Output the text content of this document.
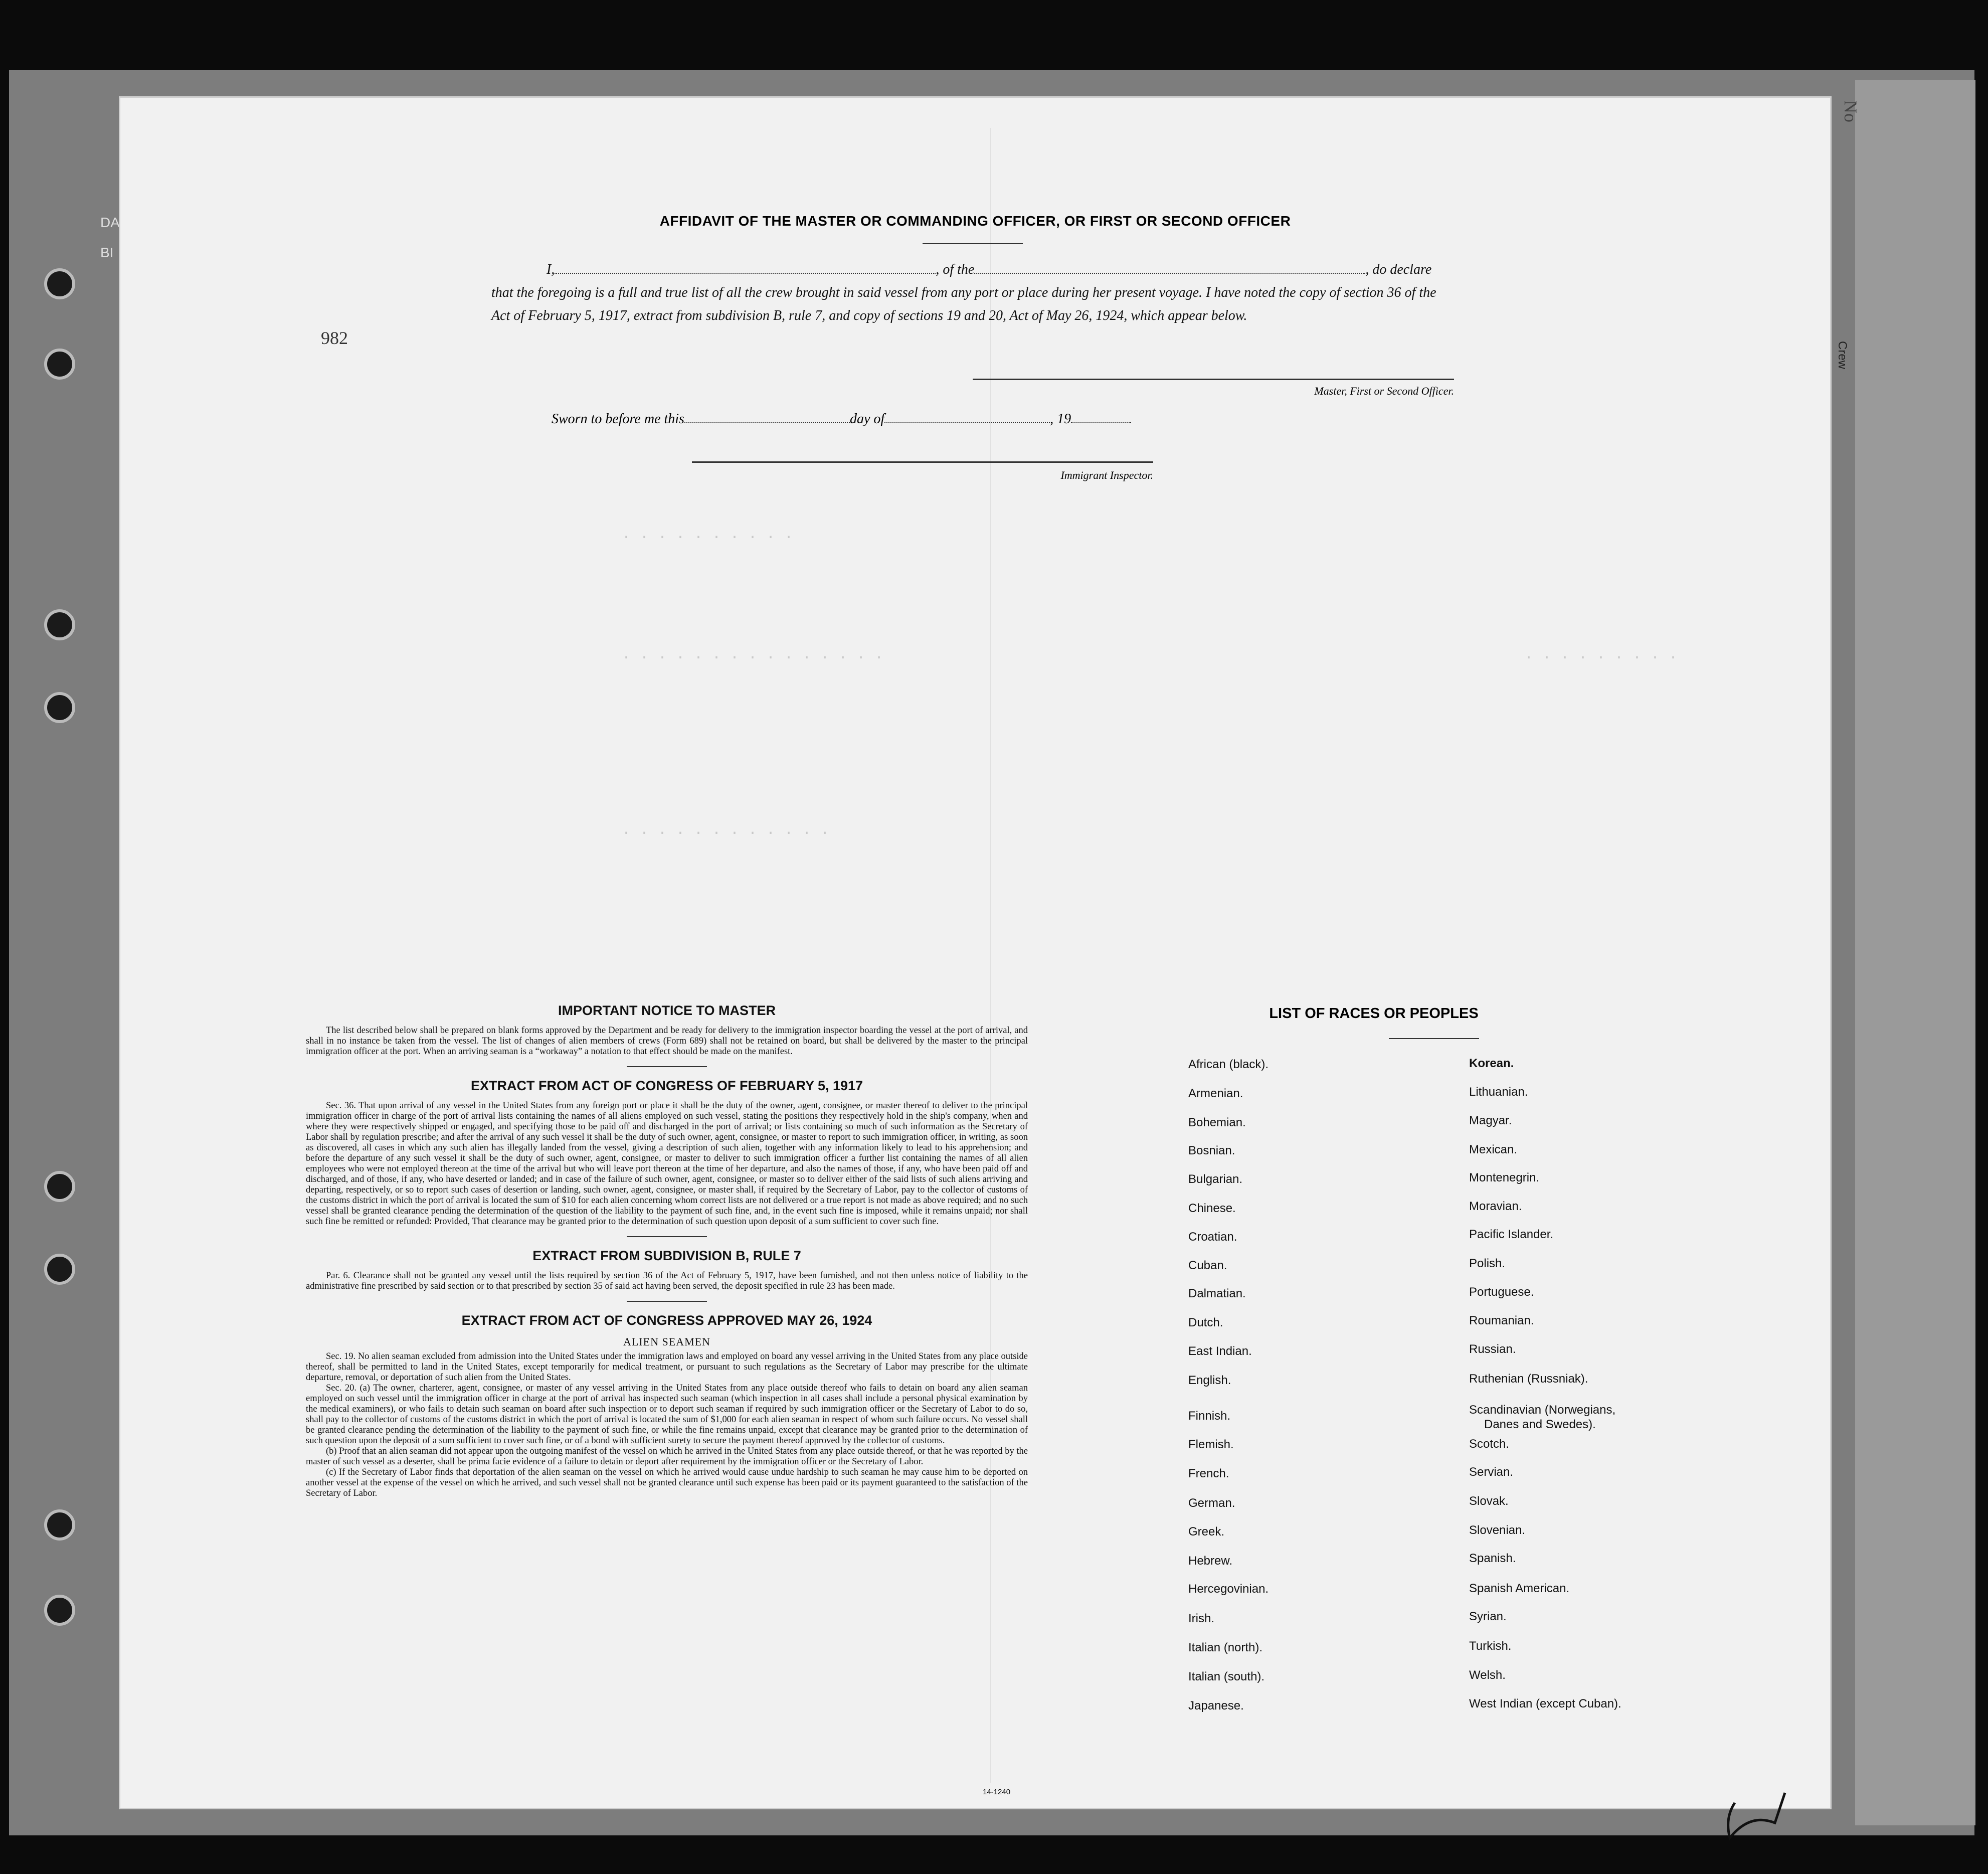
DA
BI
No
Crew
982
· · · · · · · · · ·
· · · · · · · · · · · · · · ·	· · · · · · · · ·
· · · · · · · · · · · ·
AFFIDAVIT OF THE MASTER OR COMMANDING OFFICER, OR FIRST OR SECOND OFFICER
I,	, of the	, do declare
that the foregoing is a full and true list of all the crew brought in said vessel from any port or place during her present voyage. I have noted the copy of section 36 of the Act of February 5, 1917, extract from subdivision B, rule 7, and copy of sections 19 and 20, Act of May 26, 1924, which appear below.
Master, First or Second Officer.
Sworn to before me this	day of	, 19
Immigrant Inspector.
IMPORTANT NOTICE TO MASTER

The list described below shall be prepared on blank forms approved by the Department and be ready for delivery to the immigration inspector boarding the vessel at the port of arrival, and shall in no instance be taken from the vessel. The list of changes of alien members of crews (Form 689) shall not be retained on board, but shall be delivered by the master to the principal immigration officer at the port. When an arriving seaman is a “workaway” a notation to that effect should be made on the manifest.

EXTRACT FROM ACT OF CONGRESS OF FEBRUARY 5, 1917

Sec. 36. That upon arrival of any vessel in the United States from any foreign port or place it shall be the duty of the owner, agent, consignee, or master thereof to deliver to the principal immigration officer in charge of the port of arrival lists containing the names of all aliens employed on such vessel, stating the positions they respectively hold in the ship's company, when and where they were respectively shipped or engaged, and specifying those to be paid off and discharged in the port of arrival; or lists containing so much of such information as the Secretary of Labor shall by regulation prescribe; and after the arrival of any such vessel it shall be the duty of such owner, agent, consignee, or master to report to such immigration officer, in writing, as soon as discovered, all cases in which any such alien has illegally landed from the vessel, giving a description of such alien, together with any information likely to lead to his apprehension; and before the departure of any such vessel it shall be the duty of such owner, agent, consignee, or master to deliver to such immigration officer a further list containing the names of all alien employees who were not employed thereon at the time of the arrival but who will leave port thereon at the time of her departure, and also the names of those, if any, who have been paid off and discharged, and of those, if any, who have deserted or landed; and in case of the failure of such owner, agent, consignee, or master so to deliver either of the said lists of such aliens arriving and departing, respectively, or so to report such cases of desertion or landing, such owner, agent, consignee, or master shall, if required by the Secretary of Labor, pay to the collector of customs of the customs district in which the port of arrival is located the sum of $10 for each alien concerning whom correct lists are not delivered or a true report is not made as above required; and no such vessel shall be granted clearance pending the determination of the question of the liability to the payment of such fine, and, in the event such fine is imposed, while it remains unpaid; nor shall such fine be remitted or refunded: Provided, That clearance may be granted prior to the determination of such question upon deposit of a sum sufficient to cover such fine.

EXTRACT FROM SUBDIVISION B, RULE 7

Par. 6. Clearance shall not be granted any vessel until the lists required by section 36 of the Act of February 5, 1917, have been furnished, and not then unless notice of liability to the administrative fine prescribed by said section or to that prescribed by section 35 of said act having been served, the deposit specified in rule 23 has been made.

EXTRACT FROM ACT OF CONGRESS APPROVED MAY 26, 1924
ALIEN SEAMEN

Sec. 19. No alien seaman excluded from admission into the United States under the immigration laws and employed on board any vessel arriving in the United States from any place outside thereof, shall be permitted to land in the United States, except temporarily for medical treatment, or pursuant to such regulations as the Secretary of Labor may prescribe for the ultimate departure, removal, or deportation of such alien from the United States.

Sec. 20. (a) The owner, charterer, agent, consignee, or master of any vessel arriving in the United States from any place outside thereof who fails to detain on board any alien seaman employed on such vessel until the immigration officer in charge at the port of arrival has inspected such seaman (which inspection in all cases shall include a personal physical examination by the medical examiners), or who fails to detain such seaman on board after such inspection or to deport such seaman if required by such immigration officer or the Secretary of Labor to do so, shall pay to the collector of customs of the customs district in which the port of arrival is located the sum of $1,000 for each alien seaman in respect of whom such failure occurs. No vessel shall be granted clearance pending the determination of the liability to the payment of such fine, or while the fine remains unpaid, except that clearance may be granted prior to the determination of such question upon the deposit of a sum sufficient to cover such fine, or of a bond with sufficient surety to secure the payment thereof approved by the collector of customs.

(b) Proof that an alien seaman did not appear upon the outgoing manifest of the vessel on which he arrived in the United States from any place outside thereof, or that he was reported by the master of such vessel as a deserter, shall be prima facie evidence of a failure to detain or deport after requirement by the immigration officer or the Secretary of Labor.

(c) If the Secretary of Labor finds that deportation of the alien seaman on the vessel on which he arrived would cause undue hardship to such seaman he may cause him to be deported on another vessel at the expense of the vessel on which he arrived, and such vessel shall not be granted clearance until such expense has been paid or its payment guaranteed to the satisfaction of the Secretary of Labor.

14-1240
LIST OF RACES OR PEOPLES
African (black).
Armenian.
Bohemian.
Bosnian.
Bulgarian.
Chinese.
Croatian.
Cuban.
Dalmatian.
Dutch.
East Indian.
English.
Finnish.
Flemish.
French.
German.
Greek.
Hebrew.
Hercegovinian.
Irish.
Italian (north).
Italian (south).
Japanese.
Korean.
Lithuanian.
Magyar.
Mexican.
Montenegrin.
Moravian.
Pacific Islander.
Polish.
Portuguese.
Roumanian.
Russian.
Ruthenian (Russniak).
Scandinavian (Norwegians,
Danes and Swedes).
Scotch.
Servian.
Slovak.
Slovenian.
Spanish.
Spanish American.
Syrian.
Turkish.
Welsh.
West Indian (except Cuban).
